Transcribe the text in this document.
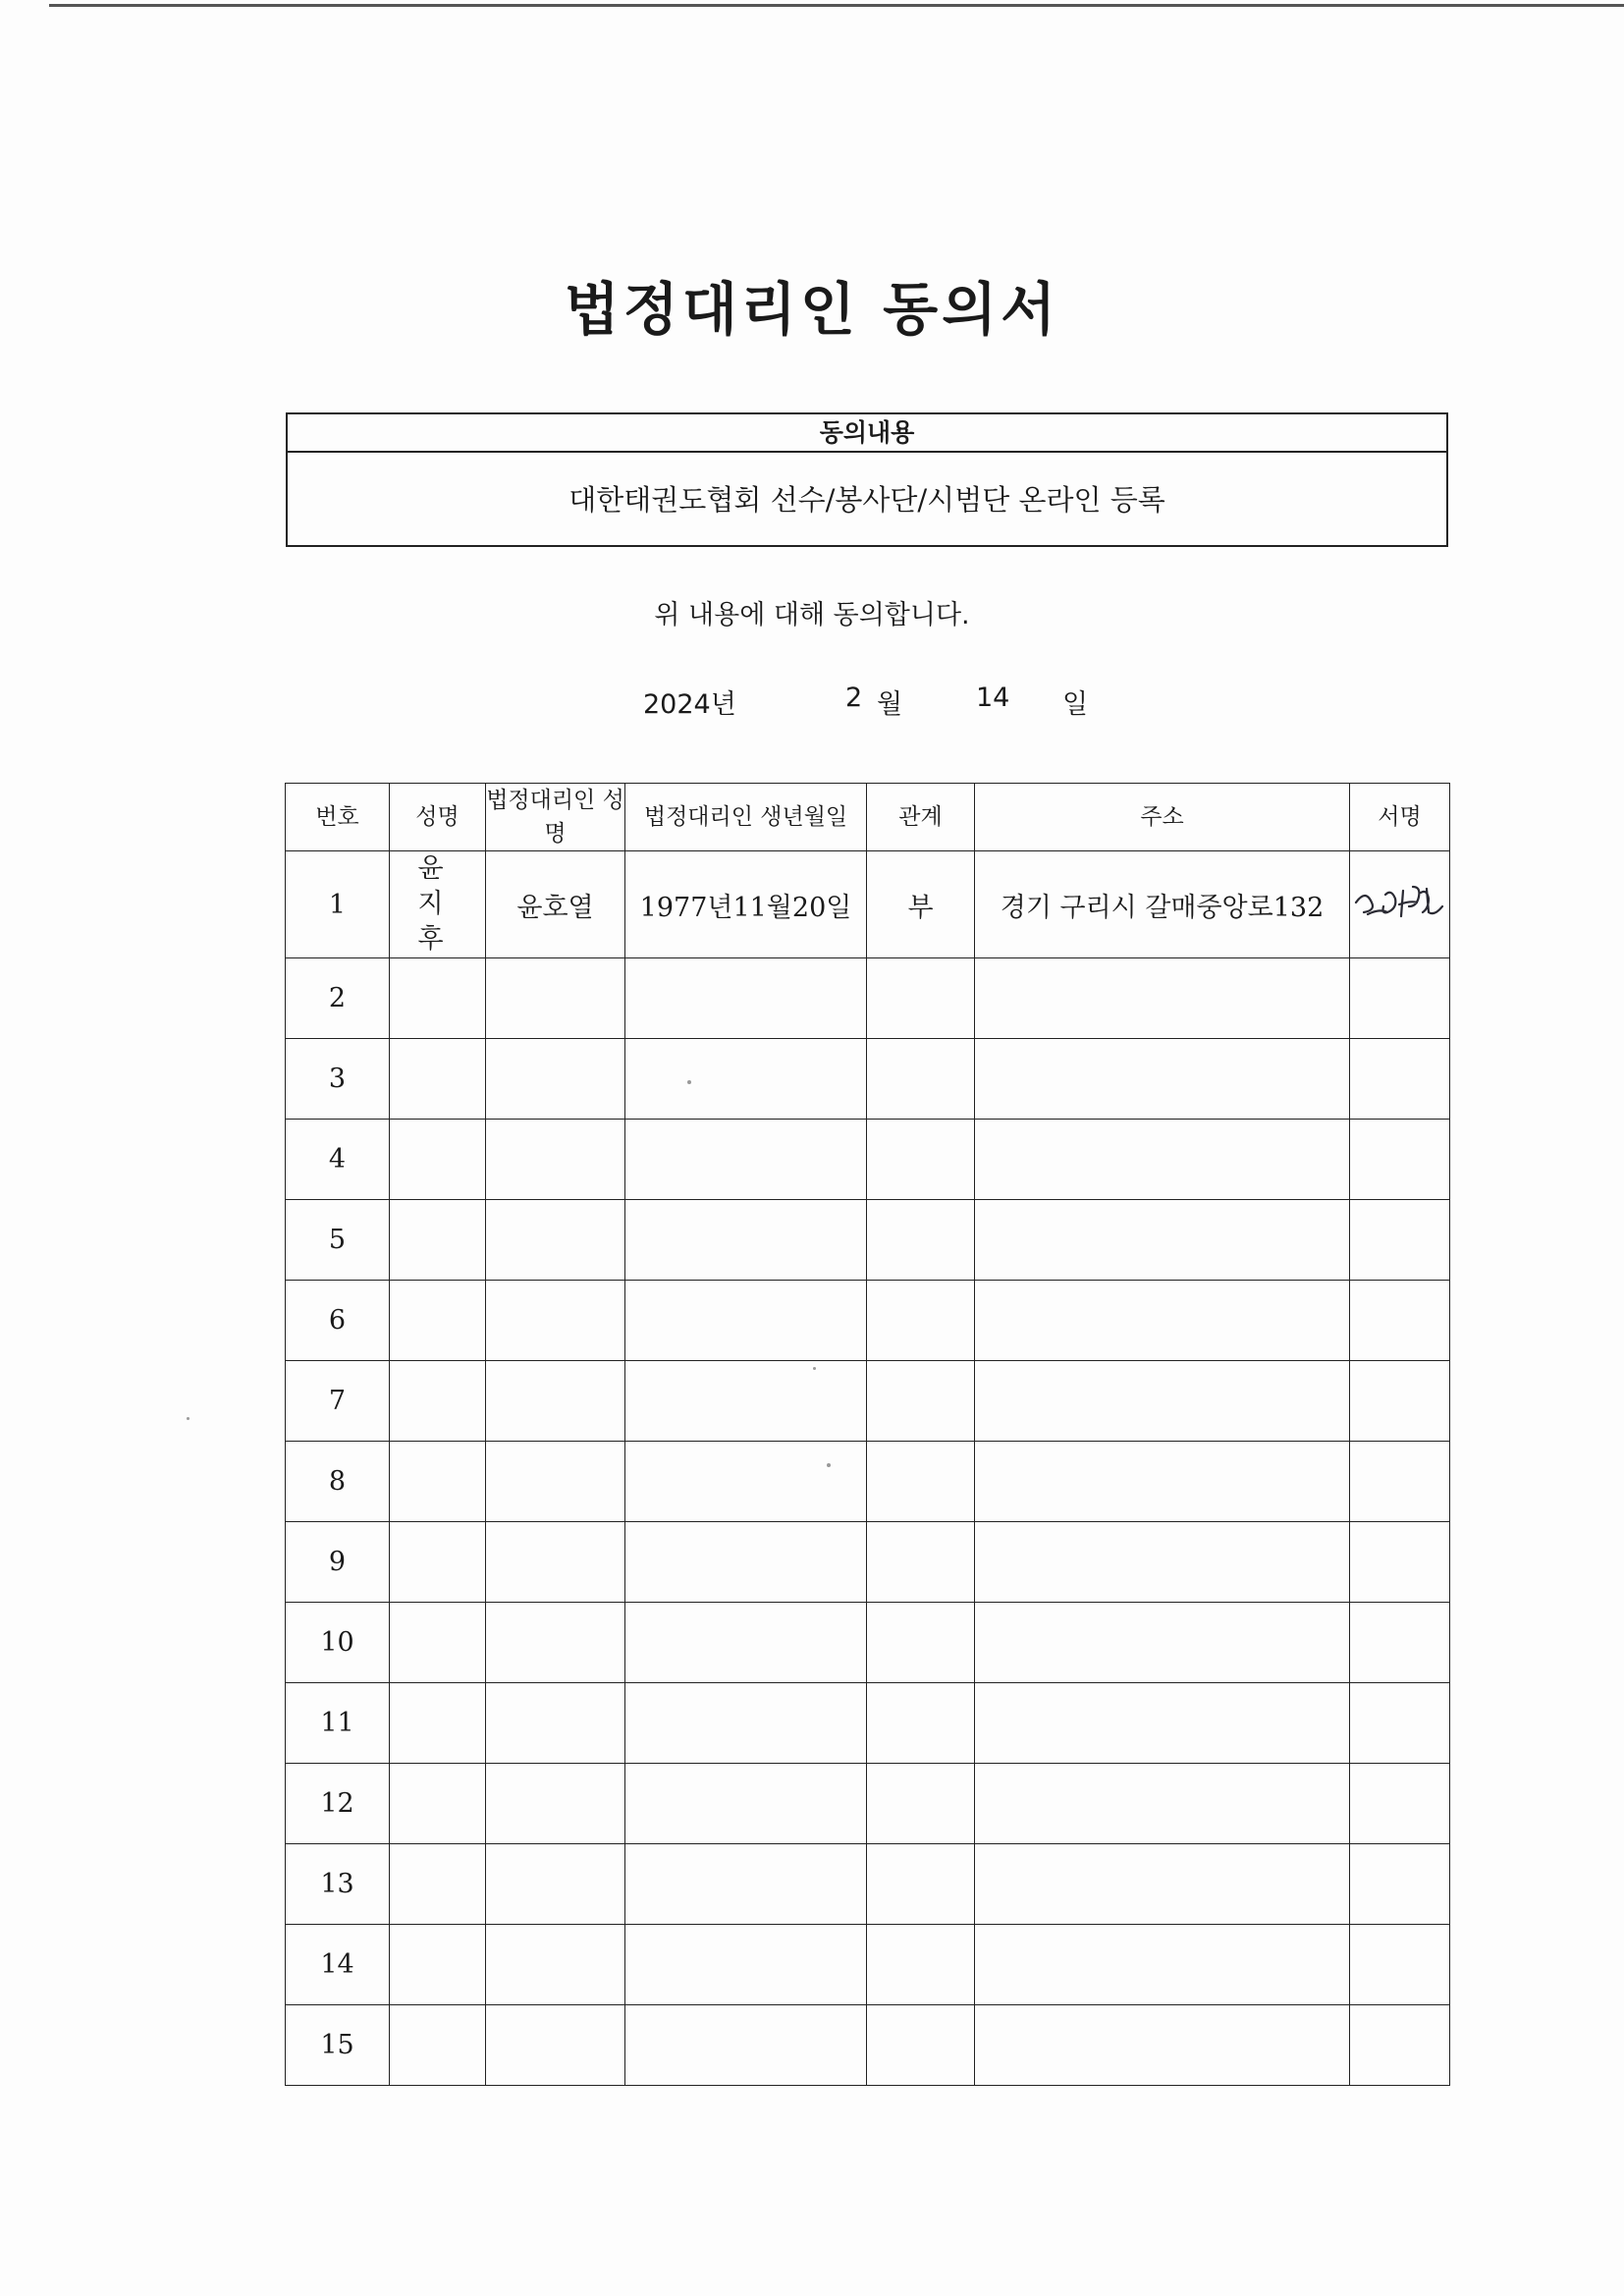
법정대리인 동의서
동의내용
대한태권도협회 선수/봉사단/시범단 온라인 등록
위 내용에 대해 동의합니다.
2024년	2 월	14 일
번호	성명	법정대리인 성명	법정대리인 생년월일	관계	주소	서명
1	윤 지 후	윤호열	1977년11월20일	부	경기 구리시 갈매중앙로132	

2						
3						
4						
5						
6						
7						
8						
9						
10						
11						
12						
13						
14						
15						
